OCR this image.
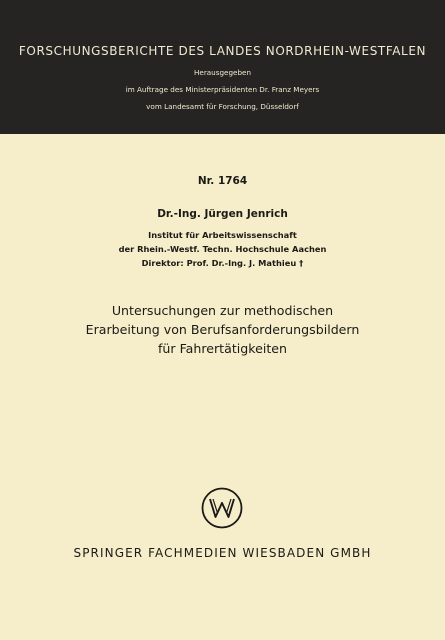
FORSCHUNGSBERICHTE DES LANDES NORDRHEIN-WESTFALEN
Herausgegeben
im Auftrage des Ministerpräsidenten Dr. Franz Meyers
vom Landesamt für Forschung, Düsseldorf
Nr. 1764
Dr.-Ing. Jürgen Jenrich
Institut für Arbeitswissenschaft
der Rhein.-Westf. Techn. Hochschule Aachen
Direktor: Prof. Dr.-Ing. J. Mathieu †
Untersuchungen zur methodischen
Erarbeitung von Berufsanforderungsbildern
für Fahrertätigkeiten
SPRINGER FACHMEDIEN WIESBADEN GMBH
